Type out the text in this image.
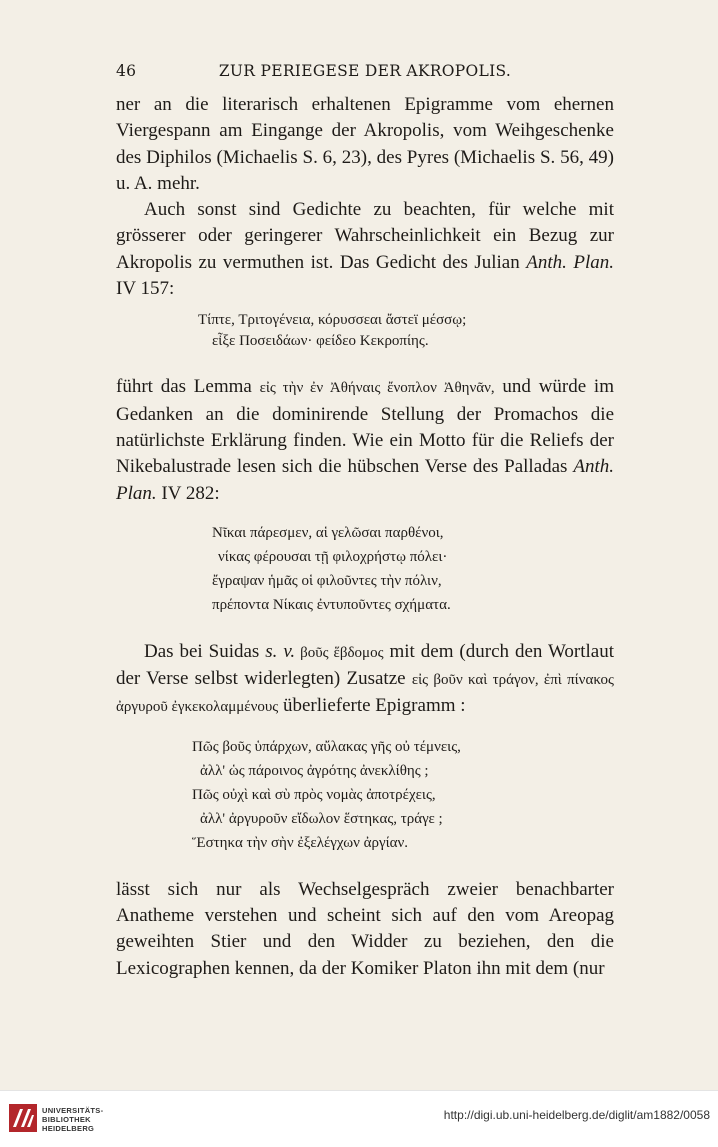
46	ZUR PERIEGESE DER AKROPOLIS.

ner an die literarisch erhaltenen Epigramme vom ehernen Viergespann am Eingange der Akropolis, vom Weihgeschenke des Diphilos (Michaelis S. 6, 23), des Pyres (Michaelis S. 56, 49) u. A. mehr.

Auch sonst sind Gedichte zu beachten, für welche mit grösserer oder geringerer Wahrscheinlichkeit ein Bezug zur Akropolis zu vermuthen ist. Das Gedicht des Julian Anth. Plan. IV 157:

Τίπτε, Τριτογένεια, κόρυσσεαι ἄστεϊ μέσσῳ;
εἶξε Ποσειδάων· φείδεο Κεκροπίης.

führt das Lemma εἰς τὴν ἐν Ἀθήναις ἔνοπλον Ἀθηνᾶν, und würde im Gedanken an die dominirende Stellung der Promachos die natürlichste Erklärung finden. Wie ein Motto für die Reliefs der Nikebalustrade lesen sich die hübschen Verse des Palladas Anth. Plan. IV 282:

Νῖκαι πάρεσμεν, αἱ γελῶσαι παρθένοι,
νίκας φέρουσαι τῇ φιλοχρήστῳ πόλει·
ἔγραψαν ἡμᾶς οἱ φιλοῦντες τὴν πόλιν,
πρέποντα Νίκαις ἐντυποῦντες σχήματα.

Das bei Suidas s. v. βοῦς ἕβδομος mit dem (durch den Wortlaut der Verse selbst widerlegten) Zusatze εἰς βοῦν καὶ τράγον, ἐπὶ πίνακος ἀργυροῦ ἐγκεκολαμμένους überlieferte Epigramm :

Πῶς βοῦς ὑπάρχων, αὔλακας γῆς οὐ τέμνεις,
ἀλλ' ὡς πάροινος ἀγρότης ἀνεκλίθης ;
Πῶς οὐχὶ καὶ σὺ πρὸς νομὰς ἀποτρέχεις,
ἀλλ' ἀργυροῦν εἴδωλον ἕστηκας, τράγε ;
Ἕστηκα τὴν σὴν ἐξελέγχων ἀργίαν.

lässt sich nur als Wechselgespräch zweier benachbarter Anatheme verstehen und scheint sich auf den vom Areopag geweihten Stier und den Widder zu beziehen, den die Lexicographen kennen, da der Komiker Platon ihn mit dem (nur

UNIVERSITÄTS-
BIBLIOTHEK
HEIDELBERG
http://digi.ub.uni-heidelberg.de/diglit/am1882/0058
